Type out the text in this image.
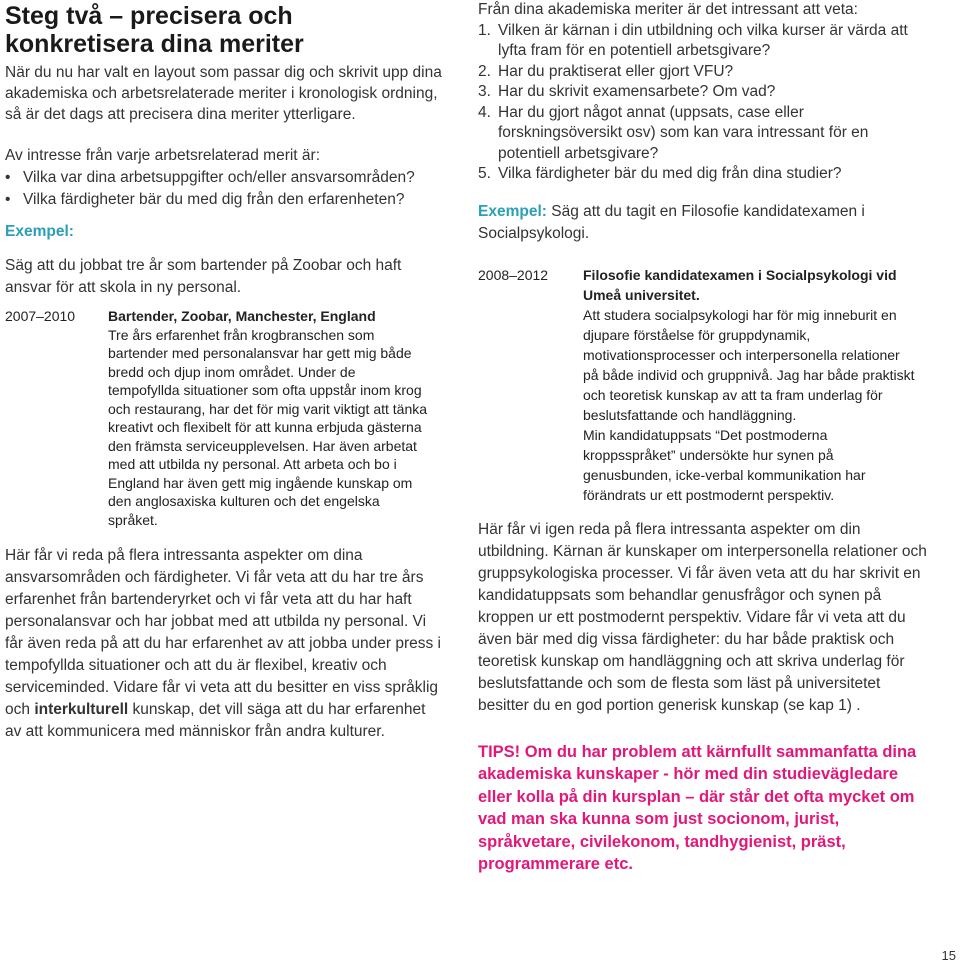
Steg två – precisera och konkretisera dina meriter

När du nu har valt en layout som passar dig och skrivit upp dina akademiska och arbetsrelaterade meriter i kronologisk ordning, så är det dags att precisera dina meriter ytterligare.

Av intresse från varje arbetsrelaterad merit är:

• Vilka var dina arbetsuppgifter och/eller ansvarsområden?
• Vilka färdigheter bär du med dig från den erfarenheten?

Exempel:

Säg att du jobbat tre år som bartender på Zoobar och haft ansvar för att skola in ny personal.

2007–2010	Bartender, Zoobar, Manchester, England
Tre års erfarenhet från krogbranschen som bartender med personalansvar har gett mig både bredd och djup inom området. Under de tempofyllda situationer som ofta uppstår inom krog och restaurang, har det för mig varit viktigt att tänka kreativt och flexibelt för att kunna erbjuda gästerna den främsta serviceupplevelsen. Har även arbetat med att utbilda ny personal. Att arbeta och bo i England har även gett mig ingående kunskap om den anglosaxiska kulturen och det engelska språket.

Här får vi reda på flera intressanta aspekter om dina ansvarsområden och färdigheter. Vi får veta att du har tre års erfarenhet från bartenderyrket och vi får veta att du har haft personalansvar och har jobbat med att utbilda ny personal. Vi får även reda på att du har erfarenhet av att jobba under press i tempofyllda situationer och att du är flexibel, kreativ och serviceminded. Vidare får vi veta att du besitter en viss språklig och interkulturell kunskap, det vill säga att du har erfarenhet av att kommunicera med människor från andra kulturer.

Från dina akademiska meriter är det intressant att veta:

1. Vilken är kärnan i din utbildning och vilka kurser är värda att lyfta fram för en potentiell arbetsgivare?
2. Har du praktiserat eller gjort VFU?
3. Har du skrivit examensarbete? Om vad?
4. Har du gjort något annat (uppsats, case eller forskningsöversikt osv) som kan vara intressant för en potentiell arbetsgivare?
5. Vilka färdigheter bär du med dig från dina studier?

Exempel: Säg att du tagit en Filosofie kandidatexamen i Socialpsykologi.

2008–2012	Filosofie kandidatexamen i Socialpsykologi vid Umeå universitet.
Att studera socialpsykologi har för mig inneburit en djupare förståelse för gruppdynamik, motivationsprocesser och interpersonella relationer på både individ och gruppnivå. Jag har både praktiskt och teoretisk kunskap av att ta fram underlag för beslutsfattande och handläggning.
Min kandidatuppsats “Det postmoderna kroppsspråket” undersökte hur synen på genusbunden, icke-verbal kommunikation har förändrats ur ett postmodernt perspektiv.

Här får vi igen reda på flera intressanta aspekter om din utbildning. Kärnan är kunskaper om interpersonella relationer och gruppsykologiska processer. Vi får även veta att du har skrivit en kandidatuppsats som behandlar genusfrågor och synen på kroppen ur ett postmodernt perspektiv. Vidare får vi veta att du även bär med dig vissa färdigheter: du har både praktisk och teoretisk kunskap om handläggning och att skriva underlag för beslutsfattande och som de flesta som läst på universitetet besitter du en god portion generisk kunskap (se kap 1) .

TIPS! Om du har problem att kärnfullt sammanfatta dina akademiska kunskaper - hör med din studievägledare eller kolla på din kursplan – där står det ofta mycket om vad man ska kunna som just socionom, jurist, språkvetare, civilekonom, tandhygienist, präst, programmerare etc.

15
